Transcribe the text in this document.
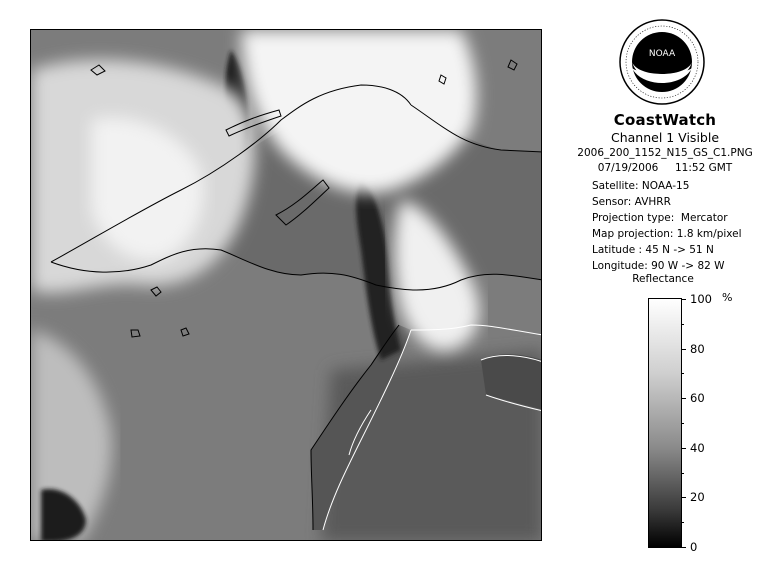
NOAA
CoastWatch
Channel 1 Visible
2006_200_1152_N15_GS_C1.PNG
07/19/2006     11:52 GMT
Satellite: NOAA-15
Sensor: AVHRR
Projection type:  Mercator
Map projection: 1.8 km/pixel
Latitude : 45 N -> 51 N
Longitude: 90 W -> 82 W
Reflectance
%
100
80
60
40
20
0
